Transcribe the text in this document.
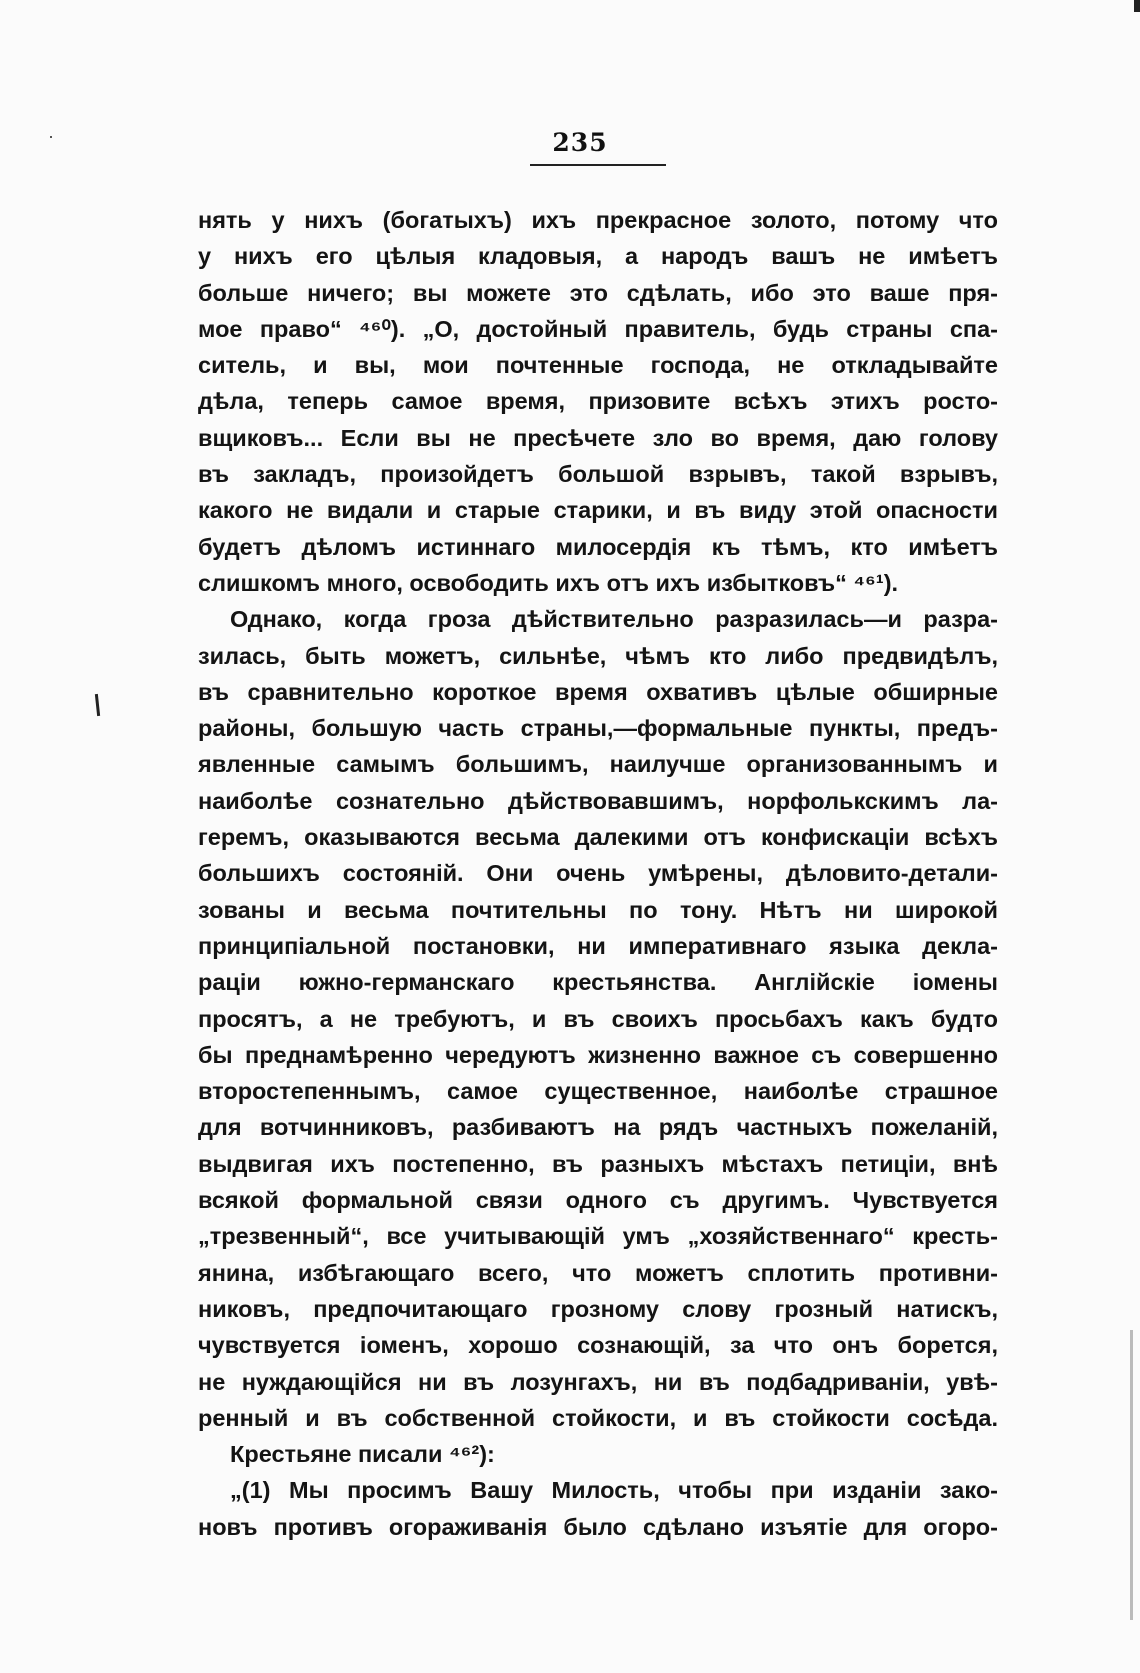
235
нять у нихъ (богатыхъ) ихъ прекрасное золото, потому что
у нихъ его цѣлыя кладовыя, а народъ вашъ не имѣетъ
больше ничего; вы можете это сдѣлать, ибо это ваше пря-
мое право“ ⁴⁶⁰). „О, достойный правитель, будь страны спа-
ситель, и вы, мои почтенные господа, не откладывайте
дѣла, теперь самое время, призовите всѣхъ этихъ росто-
вщиковъ... Если вы не пресѣчете зло во время, даю голову
въ закладъ, произойдетъ большой взрывъ, такой взрывъ,
какого не видали и старые старики, и въ виду этой опасности
будетъ дѣломъ истиннаго милосердія къ тѣмъ, кто имѣетъ
слишкомъ много, освободить ихъ отъ ихъ избытковъ“ ⁴⁶¹).
Однако, когда гроза дѣйствительно разразилась—и разра-
зилась, быть можетъ, сильнѣе, чѣмъ кто либо предвидѣлъ,
въ сравнительно короткое время охвативъ цѣлые обширные
районы, большую часть страны,—формальные пункты, предъ-
явленные самымъ большимъ, наилучше организованнымъ и
наиболѣе сознательно дѣйствовавшимъ, норфолькскимъ ла-
геремъ, оказываются весьма далекими отъ конфискаціи всѣхъ
большихъ состояній. Они очень умѣрены, дѣловито-детали-
зованы и весьма почтительны по тону. Нѣтъ ни широкой
принципіальной постановки, ни императивнаго языка декла-
раціи южно-германскаго крестьянства. Англійскіе іомены
просятъ, а не требуютъ, и въ своихъ просьбахъ какъ будто
бы преднамѣренно чередуютъ жизненно важное съ совершенно
второстепеннымъ, самое существенное, наиболѣе страшное
для вотчинниковъ, разбиваютъ на рядъ частныхъ пожеланій,
выдвигая ихъ постепенно, въ разныхъ мѣстахъ петиціи, внѣ
всякой формальной связи одного съ другимъ. Чувствуется
„трезвенный“, все учитывающій умъ „хозяйственнаго“ кресть-
янина, избѣгающаго всего, что можетъ сплотить противни-
никовъ, предпочитающаго грозному слову грозный натискъ,
чувствуется іоменъ, хорошо сознающій, за что онъ борется,
не нуждающійся ни въ лозунгахъ, ни въ подбадриваніи, увѣ-
ренный и въ собственной стойкости, и въ стойкости сосѣда.
Крестьяне писали ⁴⁶²):
„(1) Мы просимъ Вашу Милость, чтобы при изданіи зако-
новъ противъ огораживанія было сдѣлано изъятіе для огоро-
